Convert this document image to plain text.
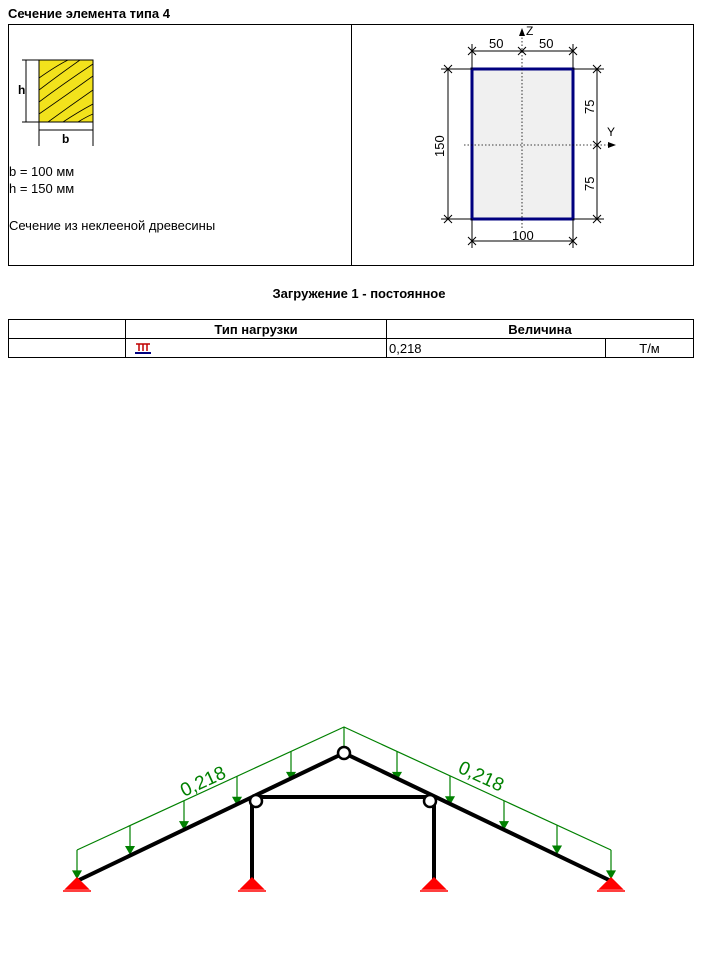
Сечение элемента типа 4
h
b
b = 100 мм
h = 150 мм
Сечение из неклееной древесины
Z
Y
50	50
100
150
75
75
Загружение 1 - постоянное
	Тип нагрузки	Величина	

	0,218	Т/м
0,218	0,218
